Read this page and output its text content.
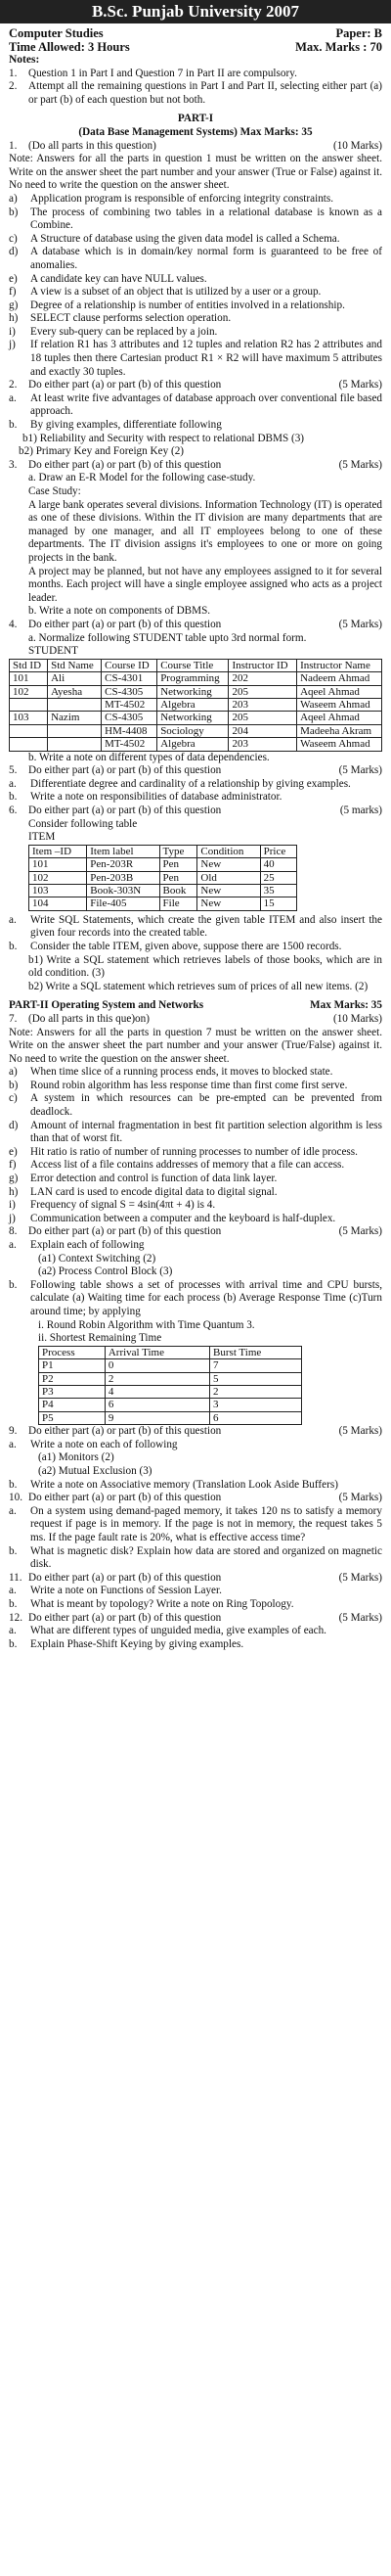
B.Sc. Punjab University 2007
Computer Studies	Paper: B
Time Allowed: 3 Hours	Max. Marks : 70
Notes:
1.	Question 1 in Part I and Question 7 in Part II are compulsory.
2.	Attempt all the remaining questions in Part I and Part II, selecting either part (a) or part (b) of each question but not both.
PART-I
(Data Base Management Systems) Max Marks: 35
1.	(Do all parts in this question)	(10 Marks)
Note: Answers for all the parts in question 1 must be written on the answer sheet. Write on the answer sheet the part number and your answer (True or False) against it. No need to write the question on the answer sheet.
a)	Application program is responsible of enforcing integrity constraints.
b)	The process of combining two tables in a relational database is known as a Combine.
c)	A Structure of database using the given data model is called a Schema.
d)	A database which is in domain/key normal form is guaranteed to be free of anomalies.
e)	A candidate key can have NULL values.
f)	A view is a subset of an object that is utilized by a user or a group.
g)	Degree of a relationship is number of entities involved in a relationship.
h)	SELECT clause performs selection operation.
i)	Every sub-query can be replaced by a join.
j)	If relation R1 has 3 attributes and 12 tuples and relation R2 has 2 attributes and 18 tuples then there Cartesian product R1 × R2 will have maximum 5 attributes and exactly 30 tuples.
2.	Do either part (a) or part (b) of this question	(5 Marks)
a.	At least write five advantages of database approach over conventional file based approach.
b.	By giving examples, differentiate following
b1) Reliability and Security with respect to relational DBMS (3)
b2) Primary Key and Foreign Key (2)
3.	Do either part (a) or part (b) of this question	(5 Marks)
a. Draw an E-R Model for the following case-study.
Case Study:
A large bank operates several divisions. Information Technology (IT) is operated as one of these divisions. Within the IT division are many departments that are managed by one manager, and all IT employees belong to one of these departments. The IT division assigns it's employees to one or more on going projects in the bank.
A project may be planned, but not have any employees assigned to it for several months. Each project will have a single employee assigned who acts as a project leader.
b. Write a note on components of DBMS.
4.	Do either part (a) or part (b) of this question	(5 Marks)
a. Normalize following STUDENT table upto 3rd normal form.
STUDENT
Std ID	Std Name	Course ID	Course Title	Instructor ID	Instructor Name
101	Ali	CS-4301	Programming	202	Nadeem Ahmad
102	Ayesha	CS-4305	Networking	205	Aqeel Ahmad
		MT-4502	Algebra	203	Waseem Ahmad
103	Nazim	CS-4305	Networking	205	Aqeel Ahmad
		HM-4408	Sociology	204	Madeeha Akram
		MT-4502	Algebra	203	Waseem Ahmad
b. Write a note on different types of data dependencies.
5.	Do either part (a) or part (b) of this question	(5 Marks)
a.	Differentiate degree and cardinality of a relationship by giving examples.
b.	Write a note on responsibilities of database administrator.
6.	Do either part (a) or part (b) of this question	(5 marks)
Consider following table
ITEM
Item –ID	Item label	Type	Condition	Price
101	Pen-203R	Pen	New	40
102	Pen-203B	Pen	Old	25
103	Book-303N	Book	New	35
104	File-405	File	New	15
a.	Write SQL Statements, which create the given table ITEM and also insert the given four records into the created table.
b.	Consider the table ITEM, given above, suppose there are 1500 records.
b1) Write a SQL statement which retrieves labels of those books, which are in old condition. (3)
b2) Write a SQL statement which retrieves sum of prices of all new items. (2)
PART-II Operating System and Networks	Max Marks: 35
7.	(Do all parts in this que)on)	(10 Marks)
Note: Answers for all the parts in question 7 must be written on the answer sheet. Write on the answer sheet the part number and your answer (True/False) against it. No need to write the question on the answer sheet.
a)	When time slice of a running process ends, it moves to blocked state.
b)	Round robin algorithm has less response time than first come first serve.
c)	A system in which resources can be pre-empted can be prevented from deadlock.
d)	Amount of internal fragmentation in best fit partition selection algorithm is less than that of worst fit.
e)	Hit ratio is ratio of number of running processes to number of idle process.
f)	Access list of a file contains addresses of memory that a file can access.
g)	Error detection and control is function of data link layer.
h)	LAN card is used to encode digital data to digital signal.
i)	Frequency of signal S = 4sin(4πt + 4) is 4.
j)	Communication between a computer and the keyboard is half-duplex.
8.	Do either part (a) or part (b) of this question	(5 Marks)
a.	Explain each of following
(a1) Context Switching (2)
(a2) Process Control Block (3)
b.	Following table shows a set of processes with arrival time and CPU bursts, calculate (a) Waiting time for each process (b) Average Response Time (c)Turn around time; by applying
i. Round Robin Algorithm with Time Quantum 3.
ii. Shortest Remaining Time
Process	Arrival Time	Burst Time
P1	0	7
P2	2	5
P3	4	2
P4	6	3
P5	9	6
9.	Do either part (a) or part (b) of this question	(5 Marks)
a.	Write a note on each of following
(a1) Monitors (2)
(a2) Mutual Exclusion (3)
b.	Write a note on Associative memory (Translation Look Aside Buffers)
10. Do either part (a) or part (b) of this question	(5 Marks)
a.	On a system using demand-paged memory, it takes 120 ns to satisfy a memory request if page is in memory. If the page is not in memory, the request takes 5 ms. If the page fault rate is 20%, what is effective access time?
b.	What is magnetic disk? Explain how data are stored and organized on magnetic disk.
11. Do either part (a) or part (b) of this question	(5 Marks)
a.	Write a note on Functions of Session Layer.
b.	What is meant by topology? Write a note on Ring Topology.
12. Do either part (a) or part (b) of this question	(5 Marks)
a.	What are different types of unguided media, give examples of each.
b.	Explain Phase-Shift Keying by giving examples.
